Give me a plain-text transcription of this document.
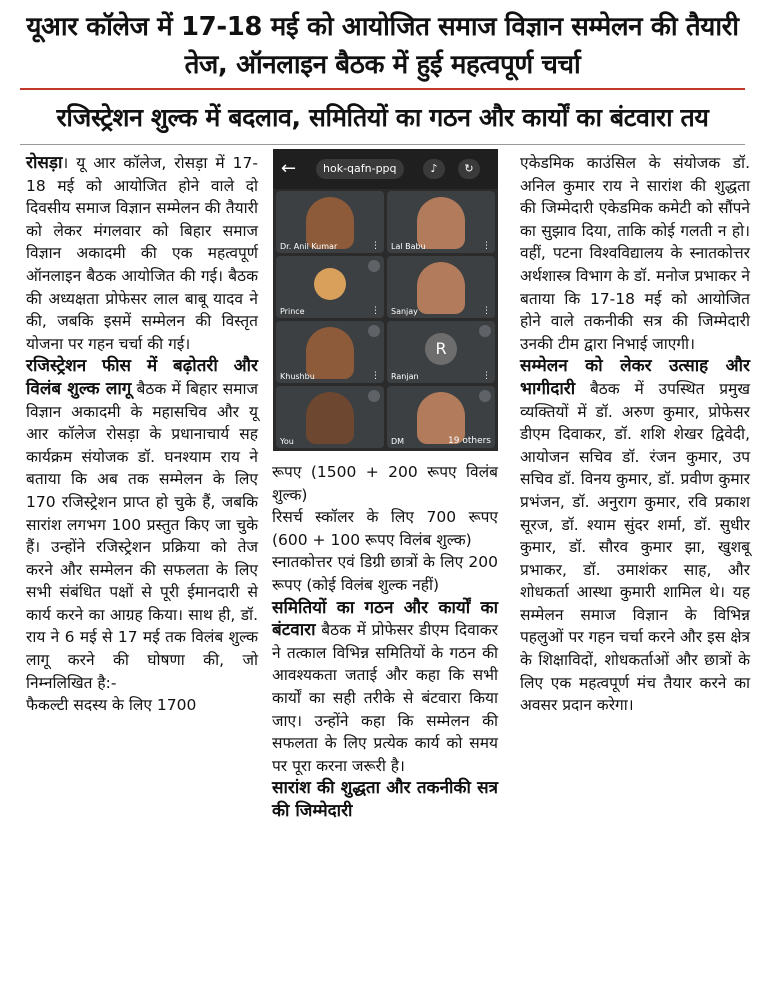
यूआर कॉलेज में 17-18 मई को आयोजित समाज विज्ञान सम्मेलन की तैयारी
तेज, ऑनलाइन बैठक में हुई महत्वपूर्ण चर्चा
रजिस्ट्रेशन शुल्क में बदलाव, समितियों का गठन और कार्यों का बंटवारा तय

रोसड़ा। यू आर कॉलेज, रोसड़ा में 17-18 मई को आयोजित होने वाले दो दिवसीय समाज विज्ञान सम्मेलन की तैयारी को लेकर मंगलवार को बिहार समाज विज्ञान अकादमी की एक महत्वपूर्ण ऑनलाइन बैठक आयोजित की गई। बैठक की अध्यक्षता प्रोफेसर लाल बाबू यादव ने की, जबकि इसमें सम्मेलन की विस्तृत योजना पर गहन चर्चा की गई।

रजिस्ट्रेशन फीस में बढ़ोतरी और विलंब शुल्क लागू बैठक में बिहार समाज विज्ञान अकादमी के महासचिव और यू आर कॉलेज रोसड़ा के प्रधानाचार्य सह कार्यक्रम संयोजक डॉ. घनश्याम राय ने बताया कि अब तक सम्मेलन के लिए 170 रजिस्ट्रेशन प्राप्त हो चुके हैं, जबकि सारांश लगभग 100 प्रस्तुत किए जा चुके हैं। उन्होंने रजिस्ट्रेशन प्रक्रिया को तेज करने और सम्मेलन की सफलता के लिए सभी संबंधित पक्षों से पूरी ईमानदारी से कार्य करने का आग्रह किया। साथ ही, डॉ. राय ने 6 मई से 17 मई तक विलंब शुल्क लागू करने की घोषणा की, जो निम्नलिखित है:-

फैकल्टी सदस्य के लिए 1700

←	hok-qafn-ppq	♪	↻
Dr. Anil Kumar	⋮ Lal Babu	⋮
Prince	⋮ Sanjay	⋮
Khushbu	⋮
R
Ranjan	⋮
You	DM	19 others

रूपए (1500 + 200 रूपए विलंब शुल्क)

रिसर्च स्कॉलर के लिए 700 रूपए (600 + 100 रूपए विलंब शुल्क)

स्नातकोत्तर एवं डिग्री छात्रों के लिए 200 रूपए (कोई विलंब शुल्क नहीं)

समितियों का गठन और कार्यों का बंटवारा बैठक में प्रोफेसर डीएम दिवाकर ने तत्काल विभिन्न समितियों के गठन की आवश्यकता जताई और कहा कि सभी कार्यों का सही तरीके से बंटवारा किया जाए। उन्होंने कहा कि सम्मेलन की सफलता के लिए प्रत्येक कार्य को समय पर पूरा करना जरूरी है।

सारांश की शुद्धता और तकनीकी सत्र की जिम्मेदारी

एकेडमिक काउंसिल के संयोजक डॉ. अनिल कुमार राय ने सारांश की शुद्धता की जिम्मेदारी एकेडमिक कमेटी को सौंपने का सुझाव दिया, ताकि कोई गलती न हो। वहीं, पटना विश्वविद्यालय के स्नातकोत्तर अर्थशास्त्र विभाग के डॉ. मनोज प्रभाकर ने बताया कि 17-18 मई को आयोजित होने वाले तकनीकी सत्र की जिम्मेदारी उनकी टीम द्वारा निभाई जाएगी।

सम्मेलन को लेकर उत्साह और भागीदारी बैठक में उपस्थित प्रमुख व्यक्तियों में डॉ. अरुण कुमार, प्रोफेसर डीएम दिवाकर, डॉ. शशि शेखर द्विवेदी, आयोजन सचिव डॉ. रंजन कुमार, उप सचिव डॉ. विनय कुमार, डॉ. प्रवीण कुमार प्रभंजन, डॉ. अनुराग कुमार, रवि प्रकाश सूरज, डॉ. श्याम सुंदर शर्मा, डॉ. सुधीर कुमार, डॉ. सौरव कुमार झा, खुशबू प्रभाकर, डॉ. उमाशंकर साह, और शोधकर्ता आस्था कुमारी शामिल थे। यह सम्मेलन समाज विज्ञान के विभिन्न पहलुओं पर गहन चर्चा करने और इस क्षेत्र के शिक्षाविदों, शोधकर्ताओं और छात्रों के लिए एक महत्वपूर्ण मंच तैयार करने का अवसर प्रदान करेगा।
